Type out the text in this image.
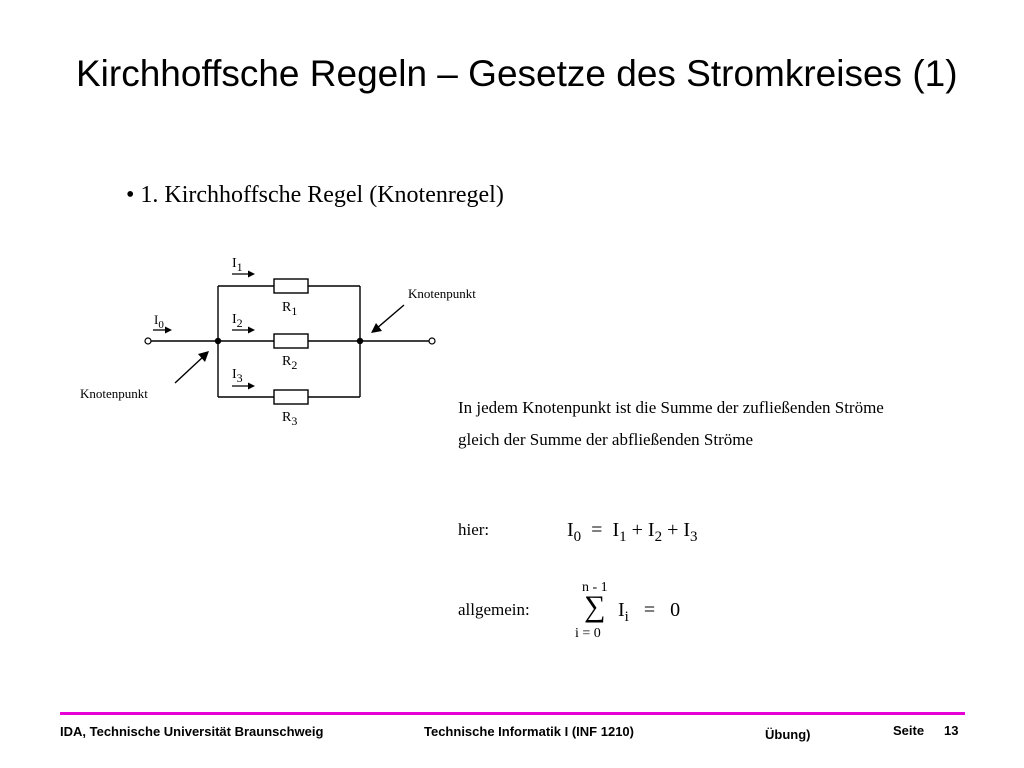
Kirchhoffsche Regeln – Gesetze des Stromkreises (1)
• 1. Kirchhoffsche Regel (Knotenregel)
$I_0$
I1
I2
I3
R1
R2
R3
Knotenpunkt
Knotenpunkt
In jedem Knotenpunkt ist die Summe der zufließenden Ströme
gleich der Summe der abfließenden Ströme
hier:	$I_0 = I_1 + I_2 + I_3$
allgemein:
n - 1
∑
i = 0
$I_i = 0$
IDA, Technische Universität Braunschweig	Technische Informatik I (INF 1210)	Übung)	Seite 13
